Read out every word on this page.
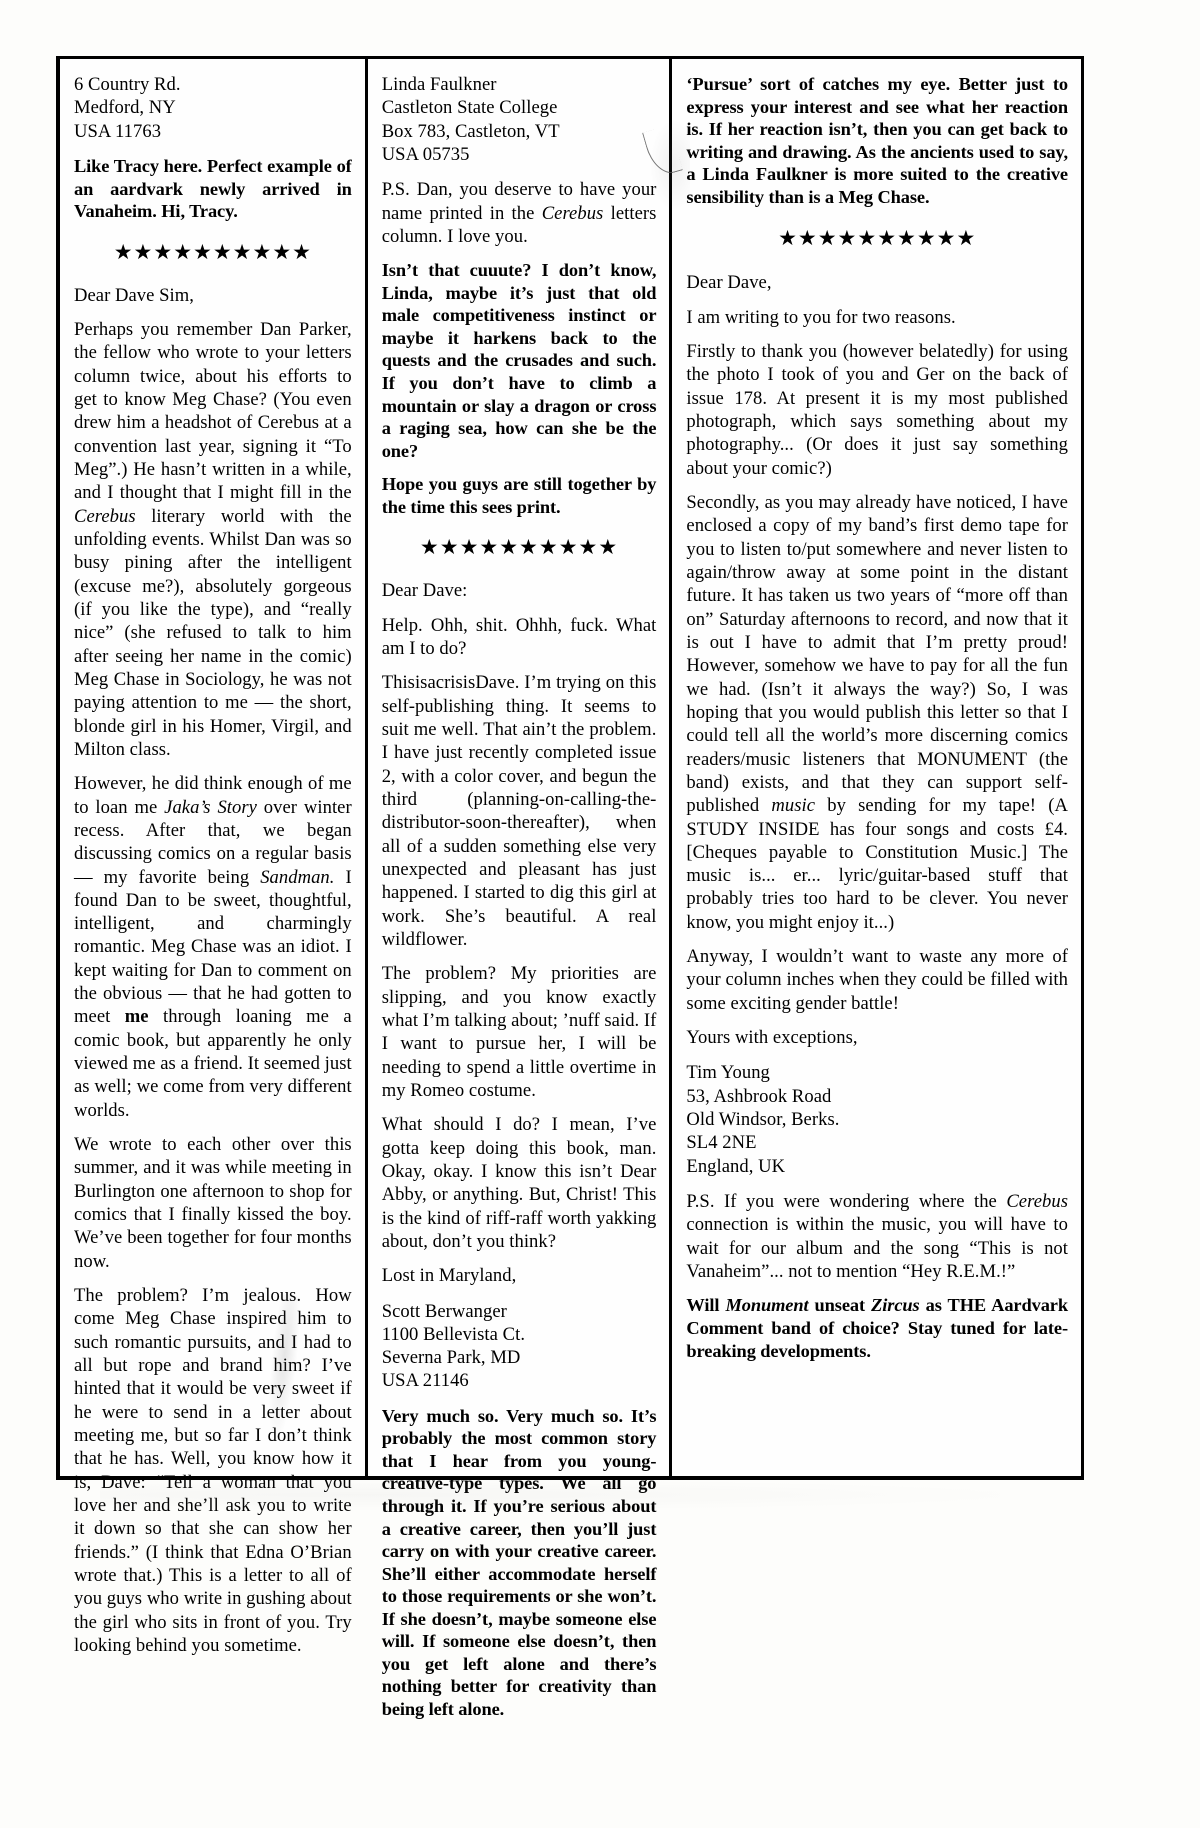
6 Country Rd.
Medford, NY
USA 11763

Like Tracy here. Perfect example of an aardvark newly arrived in Vanaheim. Hi, Tracy.

★★★★★★★★★★

Dear Dave Sim,

Perhaps you remember Dan Parker, the fellow who wrote to your letters column twice, about his efforts to get to know Meg Chase? (You even drew him a headshot of Cerebus at a convention last year, signing it “To Meg”.) He hasn’t written in a while, and I thought that I might fill in the Cerebus literary world with the unfolding events. Whilst Dan was so busy pining after the intelligent (excuse me?), absolutely gorgeous (if you like the type), and “really nice” (she refused to talk to him after seeing her name in the comic) Meg Chase in Sociology, he was not paying attention to me — the short, blonde girl in his Homer, Virgil, and Milton class.

However, he did think enough of me to loan me Jaka’s Story over winter recess. After that, we began discussing comics on a regular basis — my favorite being Sandman. I found Dan to be sweet, thoughtful, intelligent, and charmingly romantic. Meg Chase was an idiot. I kept waiting for Dan to comment on the obvious — that he had gotten to meet me through loaning me a comic book, but apparently he only viewed me as a friend. It seemed just as well; we come from very different worlds.

We wrote to each other over this summer, and it was while meeting in Burlington one afternoon to shop for comics that I finally kissed the boy. We’ve been together for four months now.

The problem? I’m jealous. How come Meg Chase inspired him to such romantic pursuits, and I had to all but rope and brand him? I’ve hinted that it would be very sweet if he were to send in a letter about meeting me, but so far I don’t think that he has. Well, you know how it is, Dave: “Tell a woman that you love her and she’ll ask you to write it down so that she can show her friends.” (I think that Edna O’Brian wrote that.) This is a letter to all of you guys who write in gushing about the girl who sits in front of you. Try looking behind you sometime.

Linda Faulkner
Castleton State College
Box 783, Castleton, VT
USA 05735

P.S. Dan, you deserve to have your name printed in the Cerebus letters column. I love you.

Isn’t that cuuute? I don’t know, Linda, maybe it’s just that old male competitiveness instinct or maybe it harkens back to the quests and the crusades and such. If you don’t have to climb a mountain or slay a dragon or cross a raging sea, how can she be the one?

Hope you guys are still together by the time this sees print.

★★★★★★★★★★

Dear Dave:

Help. Ohh, shit. Ohhh, fuck. What am I to do?

ThisisacrisisDave. I’m trying on this self-publishing thing. It seems to suit me well. That ain’t the problem. I have just recently completed issue 2, with a color cover, and begun the third (planning-on-calling-the-distributor-soon-thereafter), when all of a sudden something else very unexpected and pleasant has just happened. I started to dig this girl at work. She’s beautiful. A real wildflower.

The problem? My priorities are slipping, and you know exactly what I’m talking about; ’nuff said. If I want to pursue her, I will be needing to spend a little overtime in my Romeo costume.

What should I do? I mean, I’ve gotta keep doing this book, man. Okay, okay. I know this isn’t Dear Abby, or anything. But, Christ! This is the kind of riff-raff worth yakking about, don’t you think?

Lost in Maryland,

Scott Berwanger
1100 Bellevista Ct.
Severna Park, MD
USA 21146

Very much so. Very much so. It’s probably the most common story that I hear from you young-creative-type types. We all go through it. If you’re serious about a creative career, then you’ll just carry on with your creative career. She’ll either accommodate herself to those requirements or she won’t. If she doesn’t, maybe someone else will. If someone else doesn’t, then you get left alone and there’s nothing better for creativity than being left alone.

‘Pursue’ sort of catches my eye. Better just to express your interest and see what her reaction is. If her reaction isn’t, then you can get back to writing and drawing. As the ancients used to say, a Linda Faulkner is more suited to the creative sensibility than is a Meg Chase.

★★★★★★★★★★

Dear Dave,

I am writing to you for two reasons.

Firstly to thank you (however belatedly) for using the photo I took of you and Ger on the back of issue 178. At present it is my most published photograph, which says something about my photography... (Or does it just say something about your comic?)

Secondly, as you may already have noticed, I have enclosed a copy of my band’s first demo tape for you to listen to/put somewhere and never listen to again/throw away at some point in the distant future. It has taken us two years of “more off than on” Saturday afternoons to record, and now that it is out I have to admit that I’m pretty proud! However, somehow we have to pay for all the fun we had. (Isn’t it always the way?) So, I was hoping that you would publish this letter so that I could tell all the world’s more discerning comics readers/music listeners that MONUMENT (the band) exists, and that they can support self-published music by sending for my tape! (A STUDY INSIDE has four songs and costs £4. [Cheques payable to Constitution Music.] The music is... er... lyric/guitar-based stuff that probably tries too hard to be clever. You never know, you might enjoy it...)

Anyway, I wouldn’t want to waste any more of your column inches when they could be filled with some exciting gender battle!

Yours with exceptions,

Tim Young
53, Ashbrook Road
Old Windsor, Berks.
SL4 2NE
England, UK

P.S. If you were wondering where the Cerebus connection is within the music, you will have to wait for our album and the song “This is not Vanaheim”... not to mention “Hey R.E.M.!”

Will Monument unseat Zircus as THE Aardvark Comment band of choice? Stay tuned for late-breaking developments.
